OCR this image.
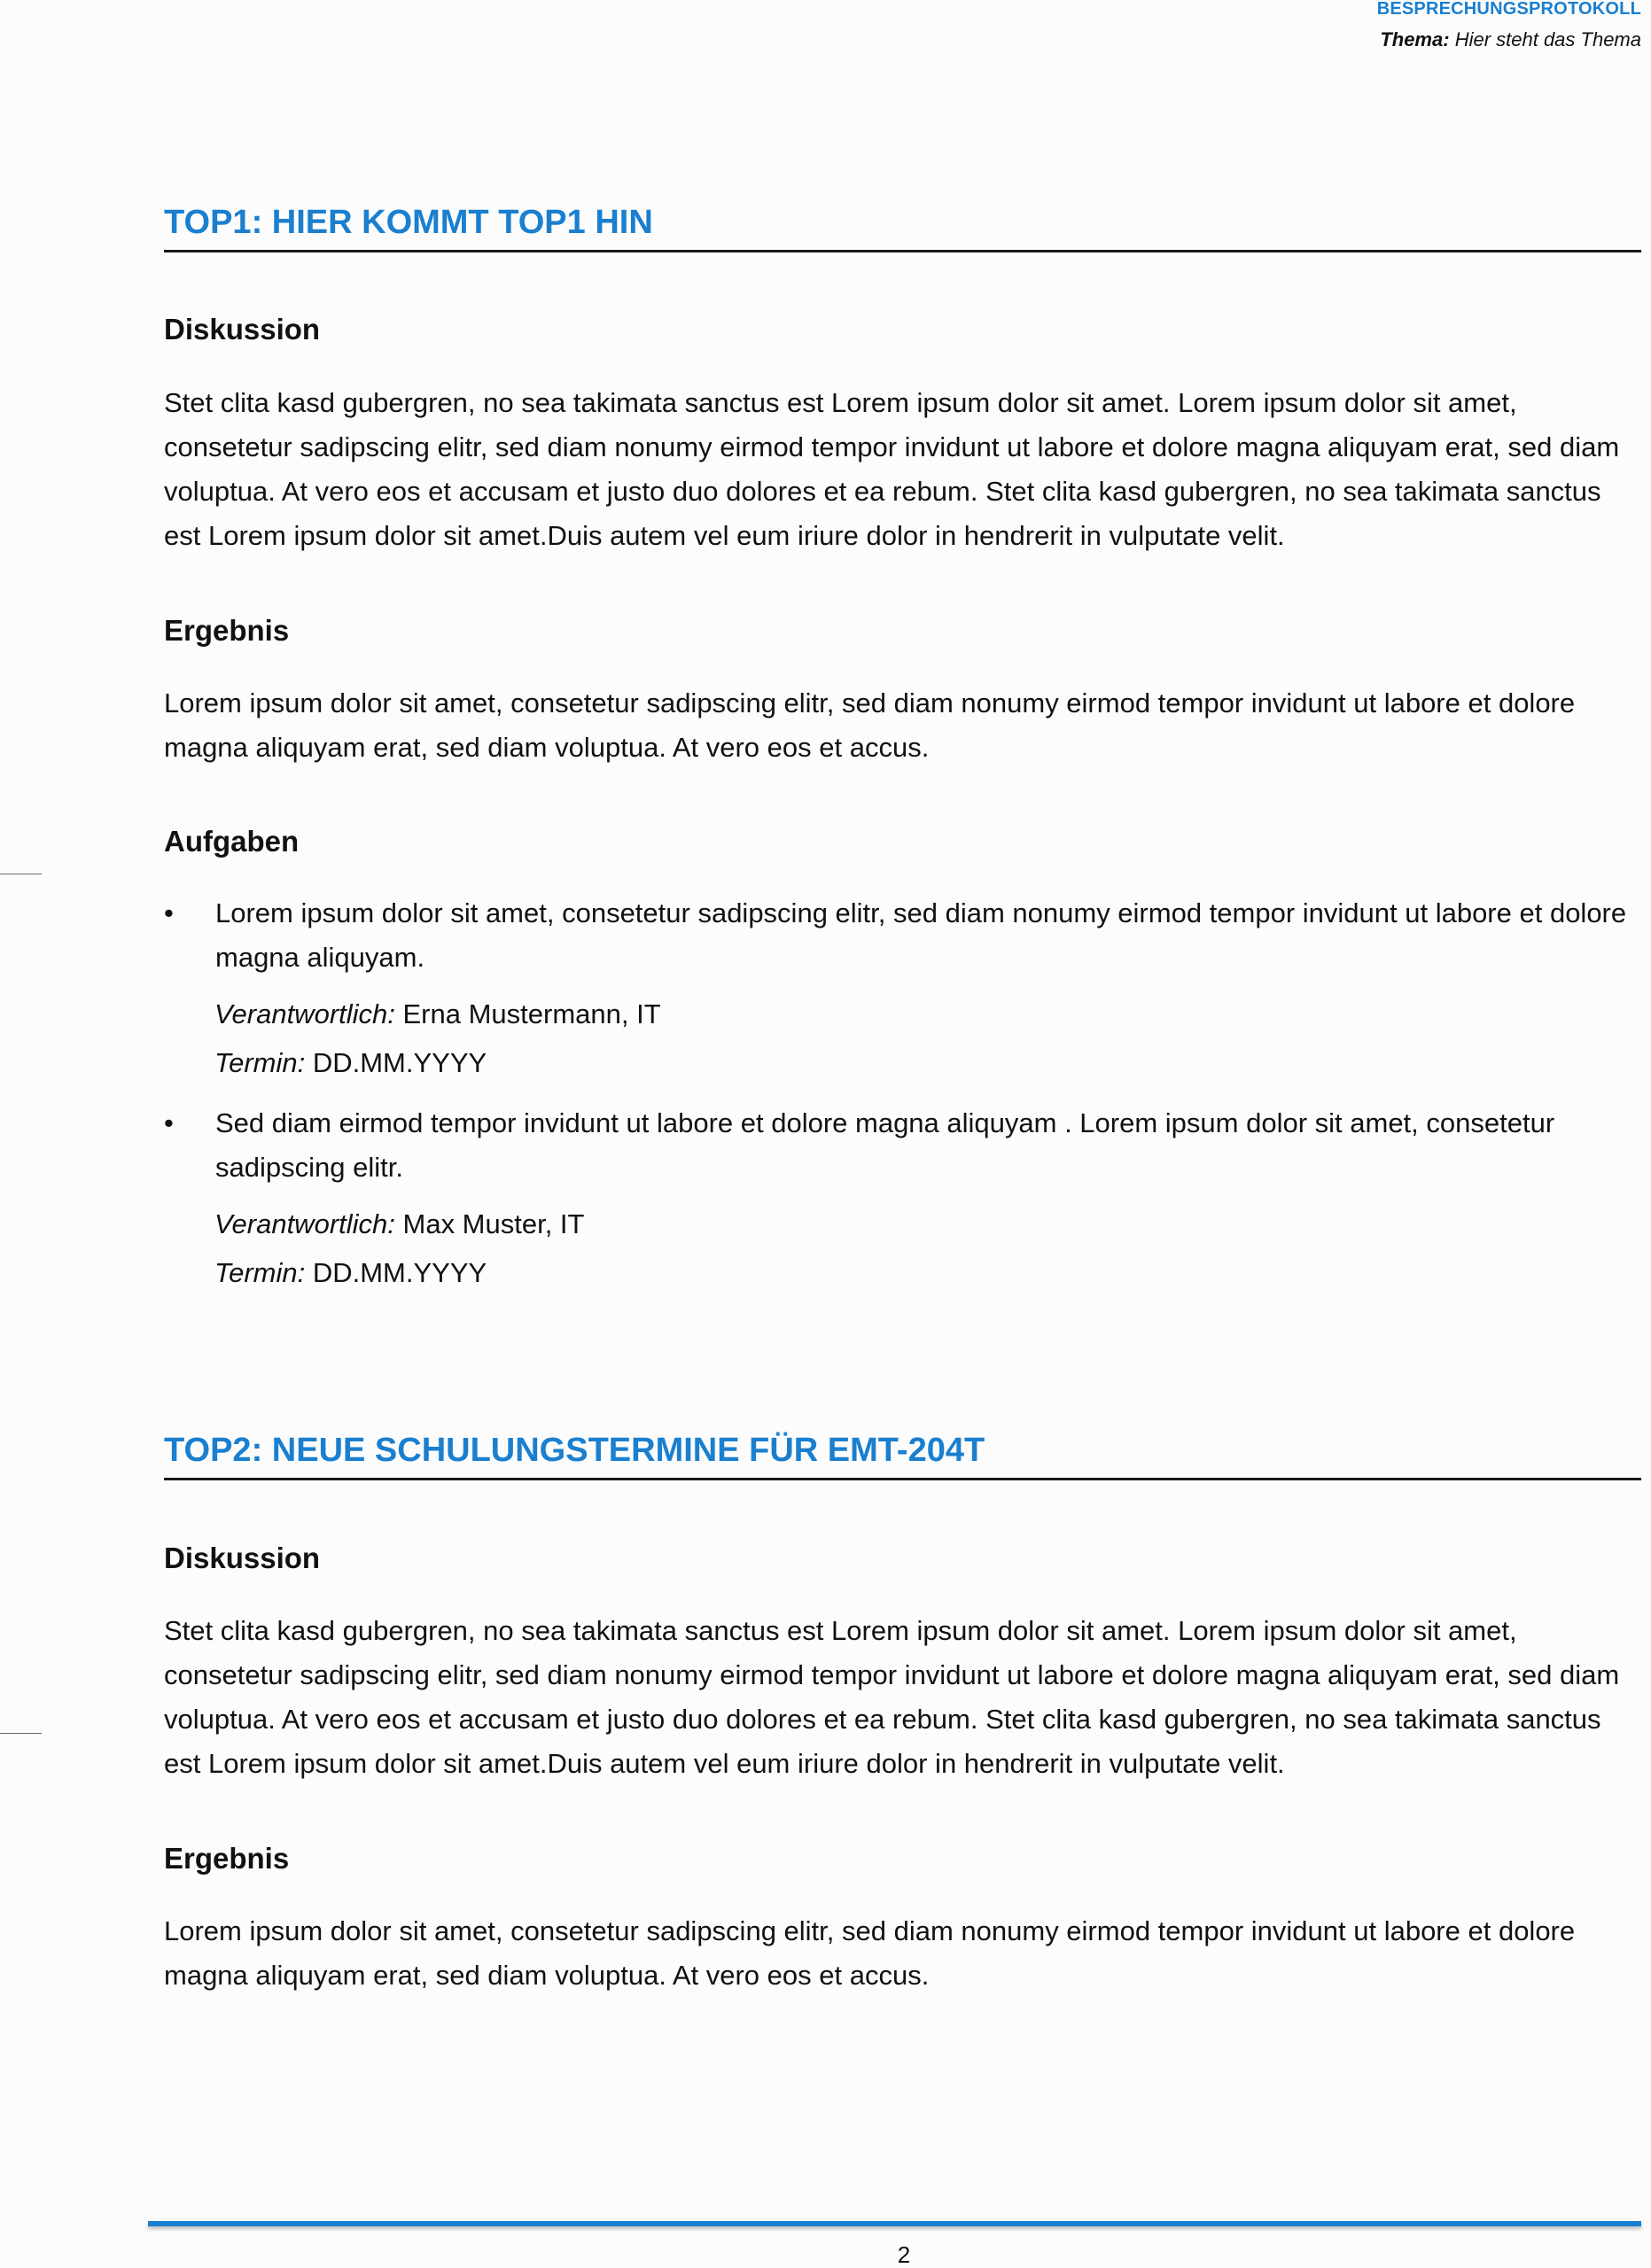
BESPRECHUNGSPROTOKOLL
Thema: Hier steht das Thema
TOP1: HIER KOMMT TOP1 HIN
Diskussion
Stet clita kasd gubergren, no sea takimata sanctus est Lorem ipsum dolor sit amet. Lorem ipsum dolor sit amet, consetetur sadipscing elitr, sed diam nonumy eirmod tempor invidunt ut labore et dolore magna aliquyam erat, sed diam voluptua. At vero eos et accusam et justo duo dolores et ea rebum. Stet clita kasd gubergren, no sea takimata sanctus est Lorem ipsum dolor sit amet.Duis autem vel eum iriure dolor in hendrerit in vulputate velit.
Ergebnis
Lorem ipsum dolor sit amet, consetetur sadipscing elitr, sed diam nonumy eirmod tempor invidunt ut labore et dolore magna aliquyam erat, sed diam voluptua. At vero eos et accus.
Aufgaben
• Lorem ipsum dolor sit amet, consetetur sadipscing elitr, sed diam nonumy eirmod tempor invidunt ut labore et dolore magna aliquyam.
Verantwortlich: Erna Mustermann, IT
Termin: DD.MM.YYYY
• Sed diam eirmod tempor invidunt ut labore et dolore magna aliquyam . Lorem ipsum dolor sit amet, consetetur sadipscing elitr.
Verantwortlich: Max Muster, IT
Termin: DD.MM.YYYY
TOP2: NEUE SCHULUNGSTERMINE FÜR EMT-204T
Diskussion
Stet clita kasd gubergren, no sea takimata sanctus est Lorem ipsum dolor sit amet. Lorem ipsum dolor sit amet, consetetur sadipscing elitr, sed diam nonumy eirmod tempor invidunt ut labore et dolore magna aliquyam erat, sed diam voluptua. At vero eos et accusam et justo duo dolores et ea rebum. Stet clita kasd gubergren, no sea takimata sanctus est Lorem ipsum dolor sit amet.Duis autem vel eum iriure dolor in hendrerit in vulputate velit.
Ergebnis
Lorem ipsum dolor sit amet, consetetur sadipscing elitr, sed diam nonumy eirmod tempor invidunt ut labore et dolore magna aliquyam erat, sed diam voluptua. At vero eos et accus.
2
